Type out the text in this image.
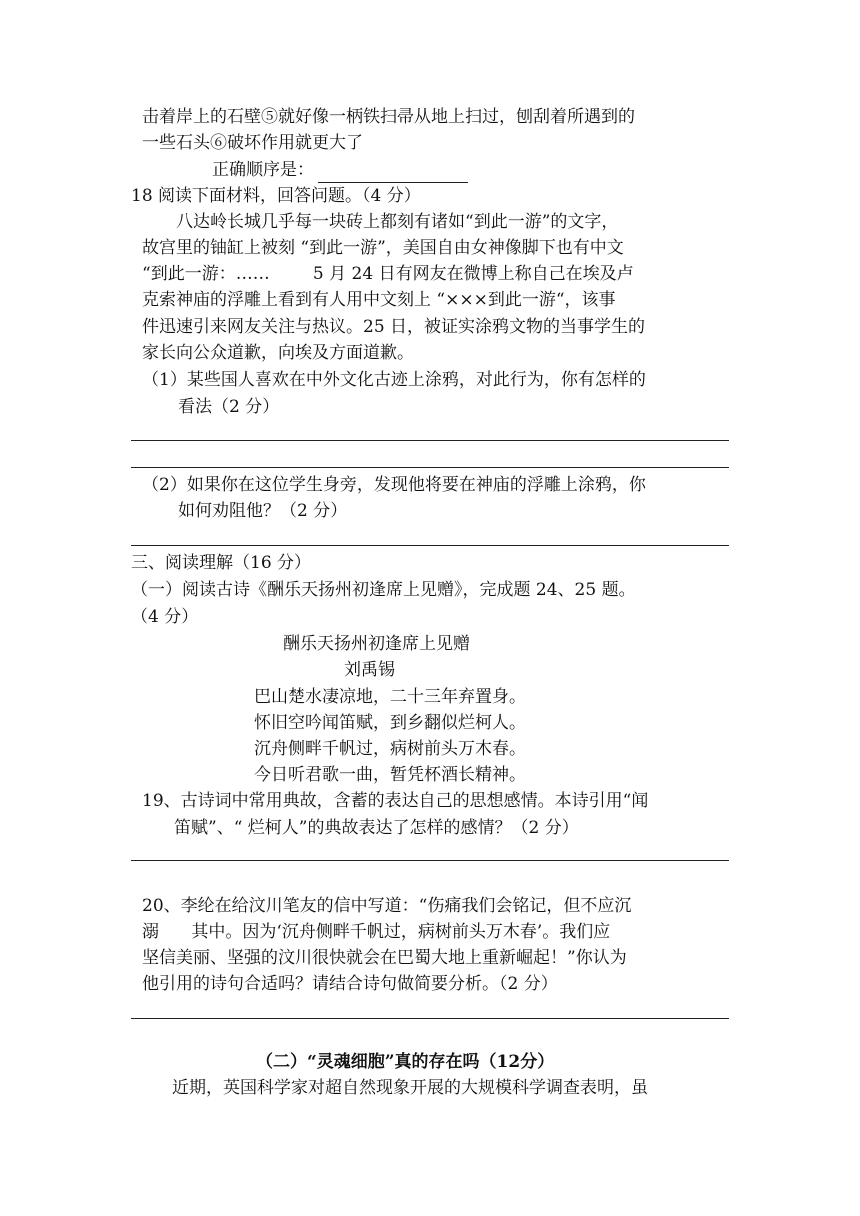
击着岸上的石壁⑤就好像一柄铁扫帚从地上扫过，刨刮着所遇到的
一些石头⑥破坏作用就更大了
正确顺序是：
18 阅读下面材料，回答问题。（4 分）
八达岭长城几乎每一块砖上都刻有诸如“到此一游”的文字，
故宫里的铀缸上被刻 “到此一游”，美国自由女神像脚下也有中文
“到此一游：……        5 月 24 日有网友在微博上称自己在埃及卢
克索神庙的浮雕上看到有人用中文刻上 “×××到此一游“，该事
件迅速引来网友关注与热议。25 日，被证实涂鸦文物的当事学生的
家长向公众道歉，向埃及方面道歉。
（1）某些国人喜欢在中外文化古迹上涂鸦，对此行为，你有怎样的
看法（2 分）
（2）如果你在这位学生身旁，发现他将要在神庙的浮雕上涂鸦，你
如何劝阻他？（2 分）
三、阅读理解（16 分）
（一）阅读古诗《酬乐天扬州初逢席上见赠》，完成题 24、25 题。
（4 分）
酬乐天扬州初逢席上见赠
刘禹锡
巴山楚水凄凉地，二十三年弃置身。
怀旧空吟闻笛赋，到乡翻似烂柯人。
沉舟侧畔千帆过，病树前头万木春。
今日听君歌一曲，暂凭杯酒长精神。
19、古诗词中常用典故，含蓄的表达自己的思想感情。本诗引用“闻
笛赋”、“ 烂柯人”的典故表达了怎样的感情？（2 分）
20、李纶在给汶川笔友的信中写道：“伤痛我们会铭记，但不应沉
溺      其中。因为‘沉舟侧畔千帆过，病树前头万木春’。我们应
坚信美丽、坚强的汶川很快就会在巴蜀大地上重新崛起！”你认为
他引用的诗句合适吗？请结合诗句做简要分析。（2 分）
（二）“灵魂细胞”真的存在吗（12分）
近期，英国科学家对超自然现象开展的大规模科学调查表明，虽
